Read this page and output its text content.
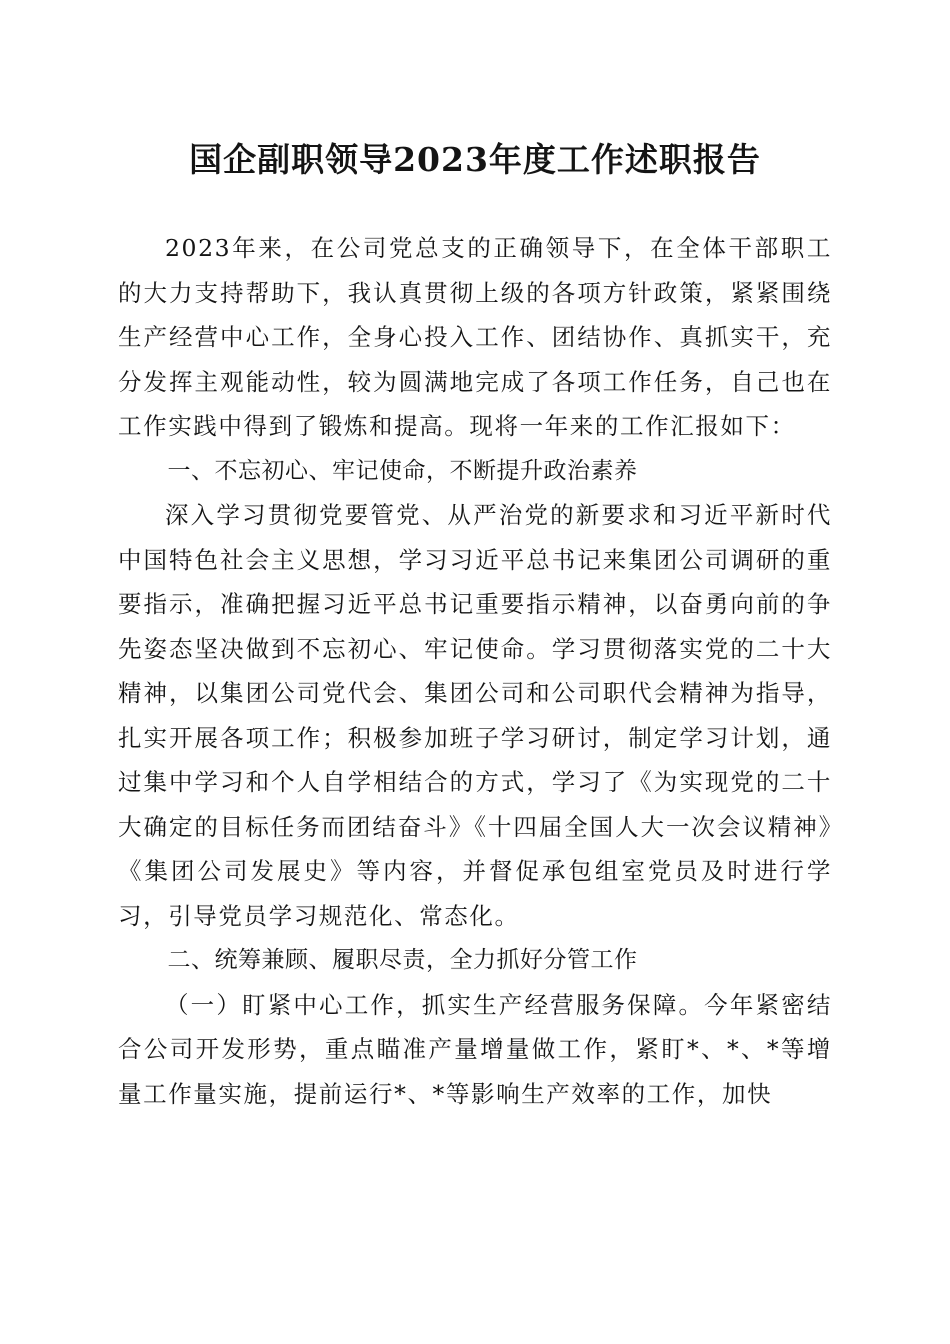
国企副职领导2023年度工作述职报告

2023年来，在公司党总支的正确领导下，在全体干部职工的大力支持帮助下，我认真贯彻上级的各项方针政策，紧紧围绕生产经营中心工作，全身心投入工作、团结协作、真抓实干，充分发挥主观能动性，较为圆满地完成了各项工作任务，自己也在工作实践中得到了锻炼和提高。现将一年来的工作汇报如下：

一、不忘初心、牢记使命，不断提升政治素养

深入学习贯彻党要管党、从严治党的新要求和习近平新时代中国特色社会主义思想，学习习近平总书记来集团公司调研的重要指示，准确把握习近平总书记重要指示精神，以奋勇向前的争先姿态坚决做到不忘初心、牢记使命。学习贯彻落实党的二十大精神，以集团公司党代会、集团公司和公司职代会精神为指导，扎实开展各项工作；积极参加班子学习研讨，制定学习计划，通过集中学习和个人自学相结合的方式，学习了《为实现党的二十大确定的目标任务而团结奋斗》《十四届全国人大一次会议精神》《集团公司发展史》等内容，并督促承包组室党员及时进行学习，引导党员学习规范化、常态化。

二、统筹兼顾、履职尽责，全力抓好分管工作

（一）盯紧中心工作，抓实生产经营服务保障。今年紧密结合公司开发形势，重点瞄准产量增量做工作，紧盯*、*、*等增量工作量实施，提前运行*、*等影响生产效率的工作，加快
